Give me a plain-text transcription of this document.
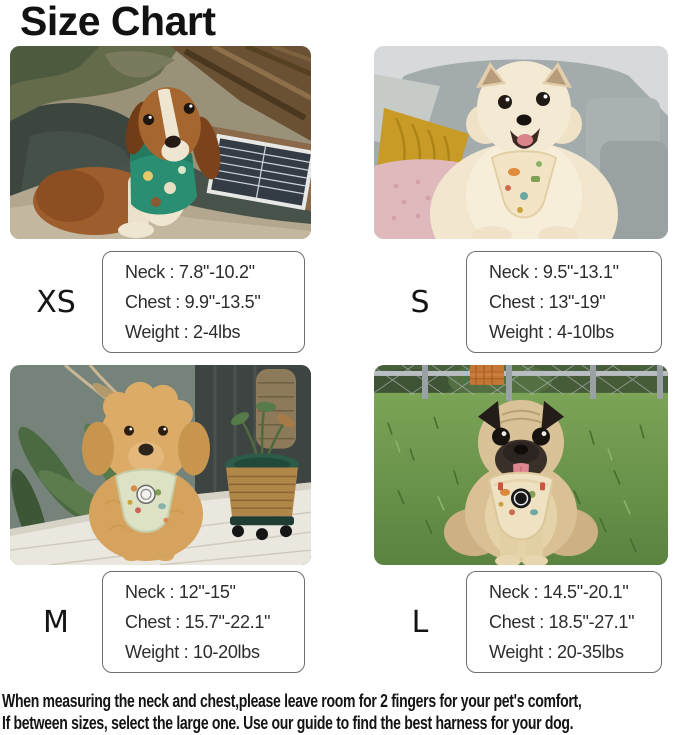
Size Chart
XS
Neck : 7.8"-10.2"
Chest : 9.9"-13.5"
Weight : 2-4lbs
S
Neck : 9.5"-13.1"
Chest : 13"-19"
Weight : 4-10lbs
M
Neck : 12"-15"
Chest : 15.7"-22.1"
Weight : 10-20lbs
L
Neck : 14.5"-20.1"
Chest : 18.5"-27.1"
Weight : 20-35lbs
When measuring the neck and chest,please leave room for 2 fingers for your pet's comfort,
If between sizes, select the large one. Use our guide to find the best harness for your dog.
